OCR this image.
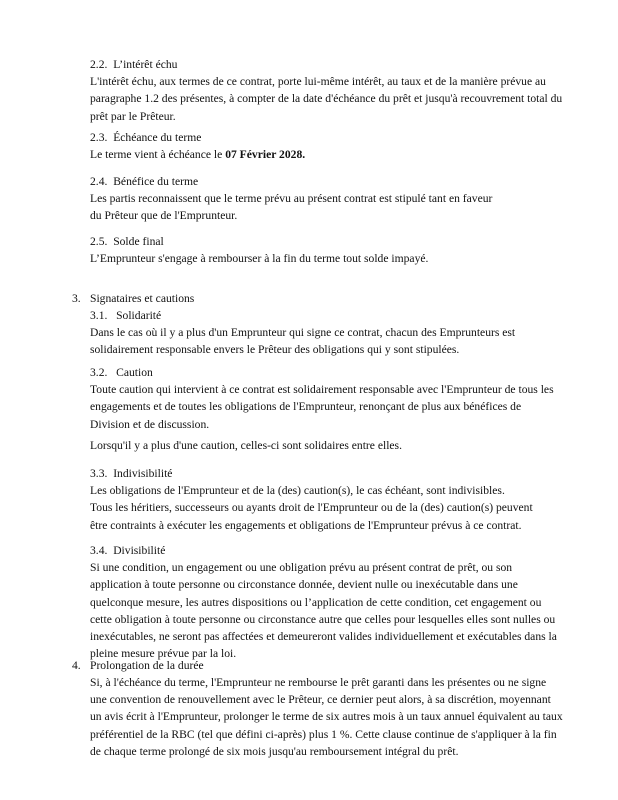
2.2. L’intérêt échu
L'intérêt échu, aux termes de ce contrat, porte lui-même intérêt, au taux et de la manière prévue au
paragraphe 1.2 des présentes, à compter de la date d'échéance du prêt et jusqu'à recouvrement total du
prêt par le Prêteur.
2.3. Échéance du terme
Le terme vient à échéance le 07 Février 2028.
2.4. Bénéfice du terme
Les partis reconnaissent que le terme prévu au présent contrat est stipulé tant en faveur
du Prêteur que de l'Emprunteur.
2.5. Solde final
L’Emprunteur s'engage à rembourser à la fin du terme tout solde impayé.
3. Signataires et cautions
3.1. Solidarité
Dans le cas où il y a plus d'un Emprunteur qui signe ce contrat, chacun des Emprunteurs est
solidairement responsable envers le Prêteur des obligations qui y sont stipulées.
3.2. Caution
Toute caution qui intervient à ce contrat est solidairement responsable avec l'Emprunteur de tous les
engagements et de toutes les obligations de l'Emprunteur, renonçant de plus aux bénéfices de
Division et de discussion.
Lorsqu'il y a plus d'une caution, celles-ci sont solidaires entre elles.
3.3. Indivisibilité
Les obligations de l'Emprunteur et de la (des) caution(s), le cas échéant, sont indivisibles.
Tous les héritiers, successeurs ou ayants droit de l'Emprunteur ou de la (des) caution(s) peuvent
être contraints à exécuter les engagements et obligations de l'Emprunteur prévus à ce contrat.
3.4. Divisibilité
Si une condition, un engagement ou une obligation prévu au présent contrat de prêt, ou son
application à toute personne ou circonstance donnée, devient nulle ou inexécutable dans une
quelconque mesure, les autres dispositions ou l’application de cette condition, cet engagement ou
cette obligation à toute personne ou circonstance autre que celles pour lesquelles elles sont nulles ou
inexécutables, ne seront pas affectées et demeureront valides individuellement et exécutables dans la
pleine mesure prévue par la loi.
4. Prolongation de la durée
Si, à l'échéance du terme, l'Emprunteur ne rembourse le prêt garanti dans les présentes ou ne signe
une convention de renouvellement avec le Prêteur, ce dernier peut alors, à sa discrétion, moyennant
un avis écrit à l'Emprunteur, prolonger le terme de six autres mois à un taux annuel équivalent au taux
préférentiel de la RBC (tel que défini ci-après) plus 1 %. Cette clause continue de s'appliquer à la fin
de chaque terme prolongé de six mois jusqu'au remboursement intégral du prêt.
